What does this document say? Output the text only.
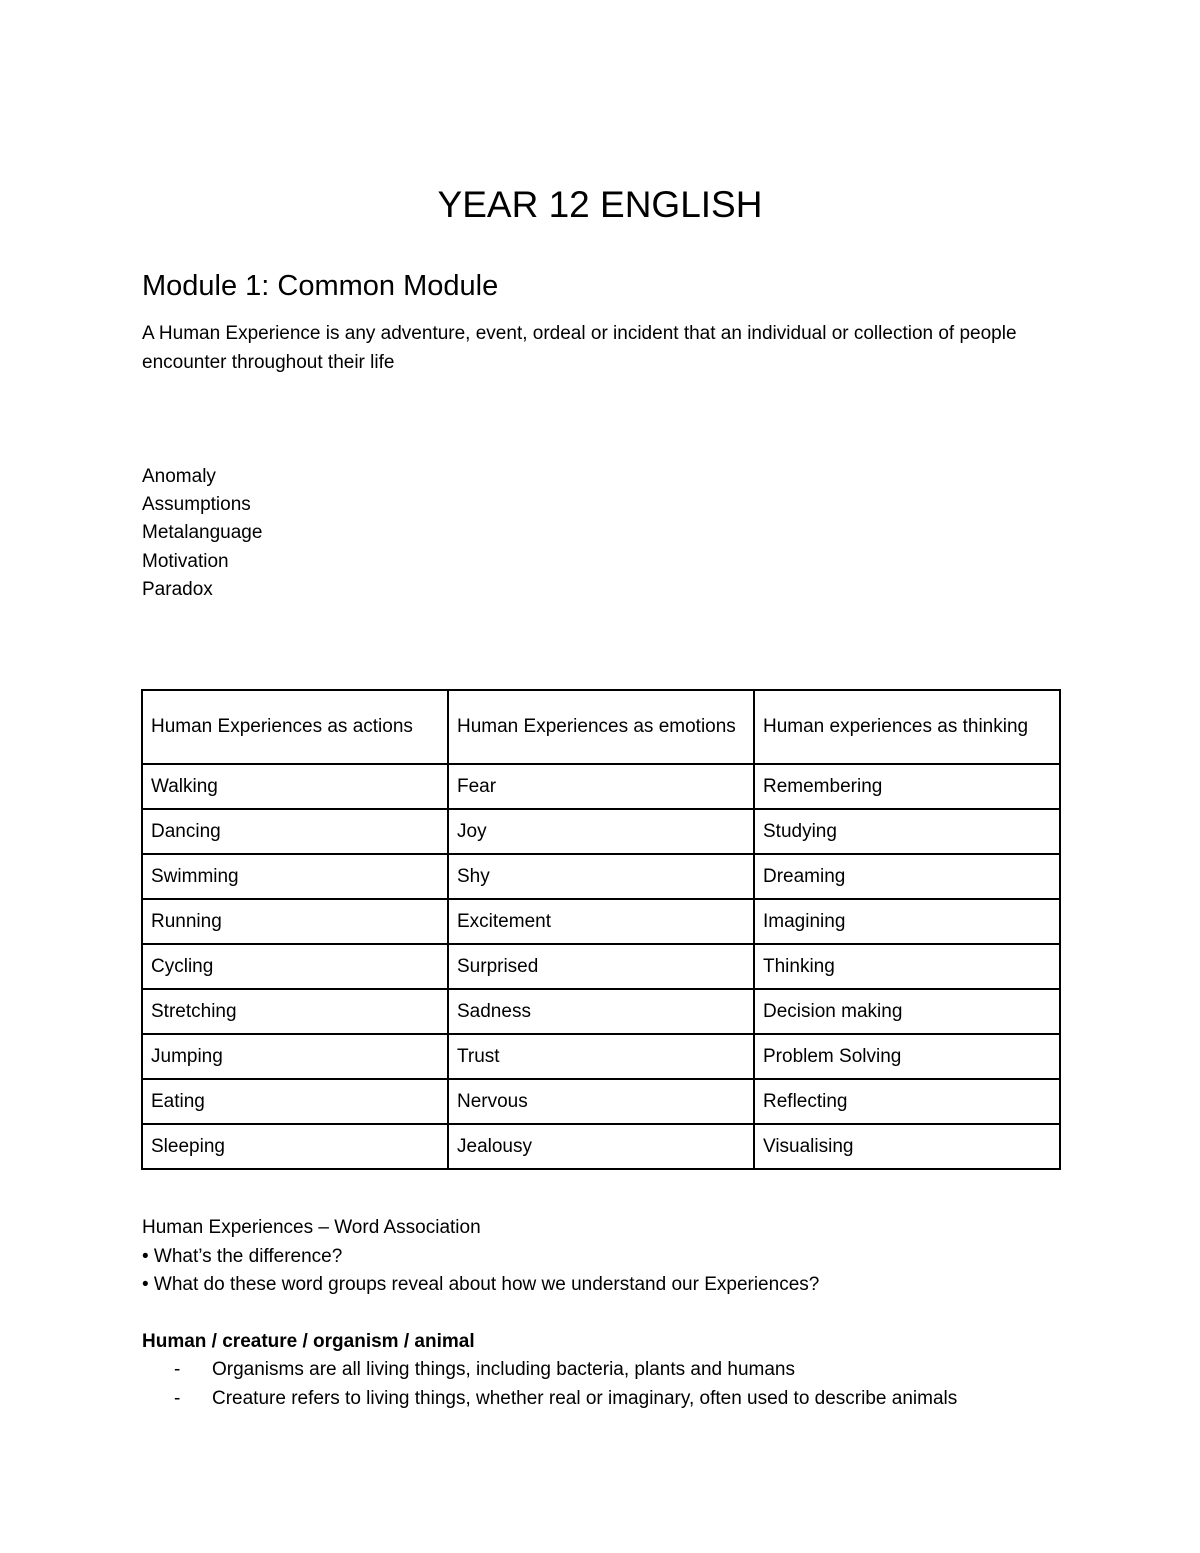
YEAR 12 ENGLISH
Module 1: Common Module
A Human Experience is any adventure, event, ordeal or incident that an individual or collection of people encounter throughout their life
Anomaly
Assumptions
Metalanguage
Motivation
Paradox
Human Experiences as actions	Human Experiences as emotions	Human experiences as thinking
Walking	Fear	Remembering
Dancing	Joy	Studying
Swimming	Shy	Dreaming
Running	Excitement	Imagining
Cycling	Surprised	Thinking
Stretching	Sadness	Decision making
Jumping	Trust	Problem Solving
Eating	Nervous	Reflecting
Sleeping	Jealousy	Visualising

Human Experiences – Word Association

• What’s the difference?

• What do these word groups reveal about how we understand our Experiences?

Human / creature / organism / animal
- Organisms are all living things, including bacteria, plants and humans
- Creature refers to living things, whether real or imaginary, often used to describe animals
